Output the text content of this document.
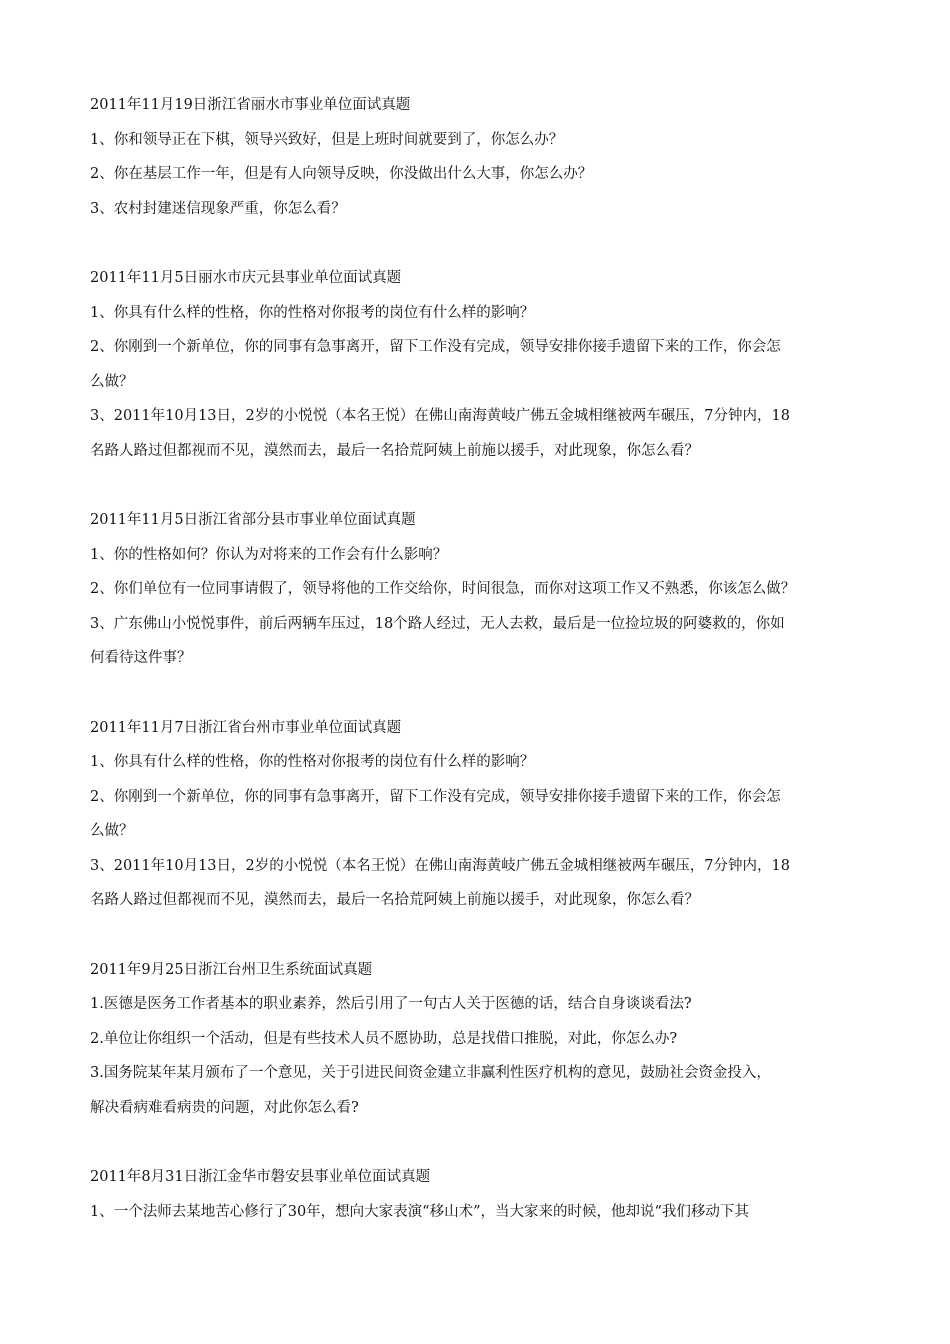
2011年11月19日浙江省丽水市事业单位面试真题

1、你和领导正在下棋，领导兴致好，但是上班时间就要到了，你怎么办？

2、你在基层工作一年，但是有人向领导反映，你没做出什么大事，你怎么办？

3、农村封建迷信现象严重，你怎么看？

2011年11月5日丽水市庆元县事业单位面试真题

1、你具有什么样的性格，你的性格对你报考的岗位有什么样的影响？

2、你刚到一个新单位，你的同事有急事离开，留下工作没有完成，领导安排你接手遗留下来的工作，你会怎

么做？

3、2011年10月13日，2岁的小悦悦（本名王悦）在佛山南海黄岐广佛五金城相继被两车碾压，7分钟内，18

名路人路过但都视而不见，漠然而去，最后一名拾荒阿姨上前施以援手，对此现象，你怎么看？

2011年11月5日浙江省部分县市事业单位面试真题

1、你的性格如何？你认为对将来的工作会有什么影响？

2、你们单位有一位同事请假了，领导将他的工作交给你，时间很急，而你对这项工作又不熟悉，你该怎么做？

3、广东佛山小悦悦事件，前后两辆车压过，18个路人经过，无人去救，最后是一位捡垃圾的阿婆救的，你如

何看待这件事？

2011年11月7日浙江省台州市事业单位面试真题

1、你具有什么样的性格，你的性格对你报考的岗位有什么样的影响？

2、你刚到一个新单位，你的同事有急事离开，留下工作没有完成，领导安排你接手遗留下来的工作，你会怎

么做？

3、2011年10月13日，2岁的小悦悦（本名王悦）在佛山南海黄岐广佛五金城相继被两车碾压，7分钟内，18

名路人路过但都视而不见，漠然而去，最后一名拾荒阿姨上前施以援手，对此现象，你怎么看？

2011年9月25日浙江台州卫生系统面试真题

1.医德是医务工作者基本的职业素养，然后引用了一句古人关于医德的话，结合自身谈谈看法?

2.单位让你组织一个活动，但是有些技术人员不愿协助，总是找借口推脱，对此，你怎么办?

3.国务院某年某月颁布了一个意见，关于引进民间资金建立非赢利性医疗机构的意见，鼓励社会资金投入，

解决看病难看病贵的问题，对此你怎么看?

2011年8月31日浙江金华市磐安县事业单位面试真题

1、一个法师去某地苦心修行了30年，想向大家表演“移山术”，当大家来的时候，他却说“我们移动下其
